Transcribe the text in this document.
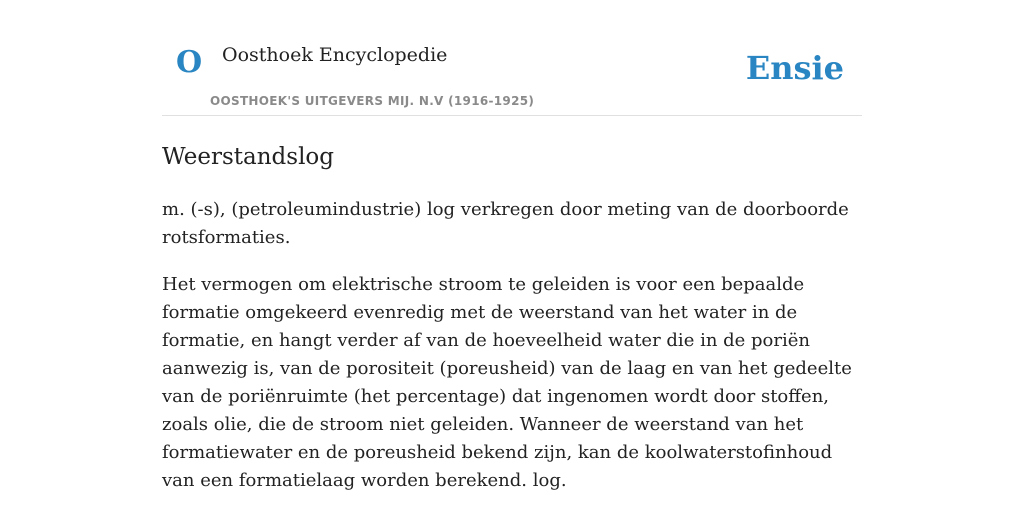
O Oosthoek Encyclopedie
OOSTHOEK'S UITGEVERS MIJ. N.V (1916-1925)
Ensie
Weerstandslog

m. (-s), (petroleumindustrie) log verkregen door meting van de doorboorde rotsformaties.

Het vermogen om elektrische stroom te geleiden is voor een bepaalde formatie omgekeerd evenredig met de weerstand van het water in de formatie, en hangt verder af van de hoeveelheid water die in de poriën aanwezig is, van de porositeit (poreusheid) van de laag en van het gedeelte van de poriënruimte (het percentage) dat ingenomen wordt door stoffen, zoals olie, die de stroom niet geleiden. Wanneer de weerstand van het formatiewater en de poreusheid bekend zijn, kan de koolwaterstofinhoud van een formatielaag worden berekend. log.
